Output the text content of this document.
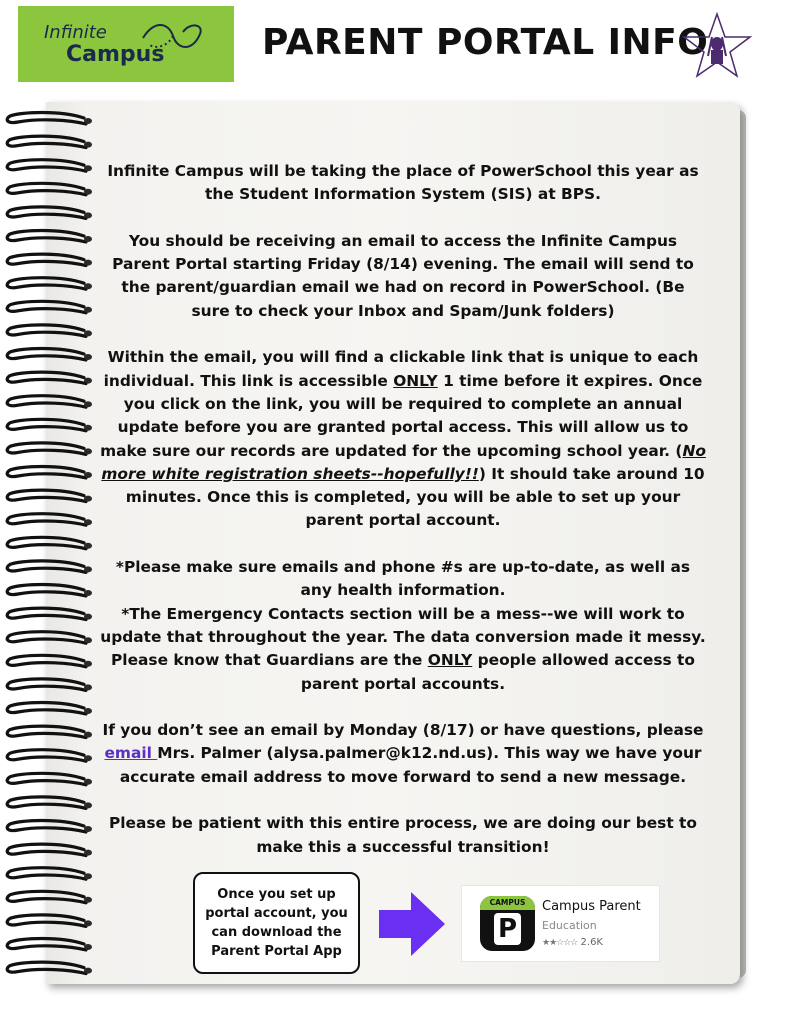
Infinite
Campus	PARENT PORTAL INFO

Infinite Campus will be taking the place of PowerSchool this year as the Student Information System (SIS) at BPS.

You should be receiving an email to access the Infinite Campus Parent Portal starting Friday (8/14) evening. The email will send to the parent/guardian email we had on record in PowerSchool. (Be sure to check your Inbox and Spam/Junk folders)

Within the email, you will find a clickable link that is unique to each individual. This link is accessible ONLY 1 time before it expires. Once you click on the link, you will be required to complete an annual update before you are granted portal access. This will allow us to make sure our records are updated for the upcoming school year. (No more white registration sheets--hopefully!!) It should take around 10 minutes. Once this is completed, you will be able to set up your parent portal account.

*Please make sure emails and phone #s are up-to-date, as well as any health information.

*The Emergency Contacts section will be a mess--we will work to update that throughout the year. The data conversion made it messy. Please know that Guardians are the ONLY people allowed access to parent portal accounts.

If you don’t see an email by Monday (8/17) or have questions, please email Mrs. Palmer (alysa.palmer@k12.nd.us). This way we have your accurate email address to move forward to send a new message.

Please be patient with this entire process, we are doing our best to make this a successful transition!

Once you set up portal account, you can download the Parent Portal App
CAMPUS
P
Campus Parent
Education
★★☆☆☆ 2.6K
